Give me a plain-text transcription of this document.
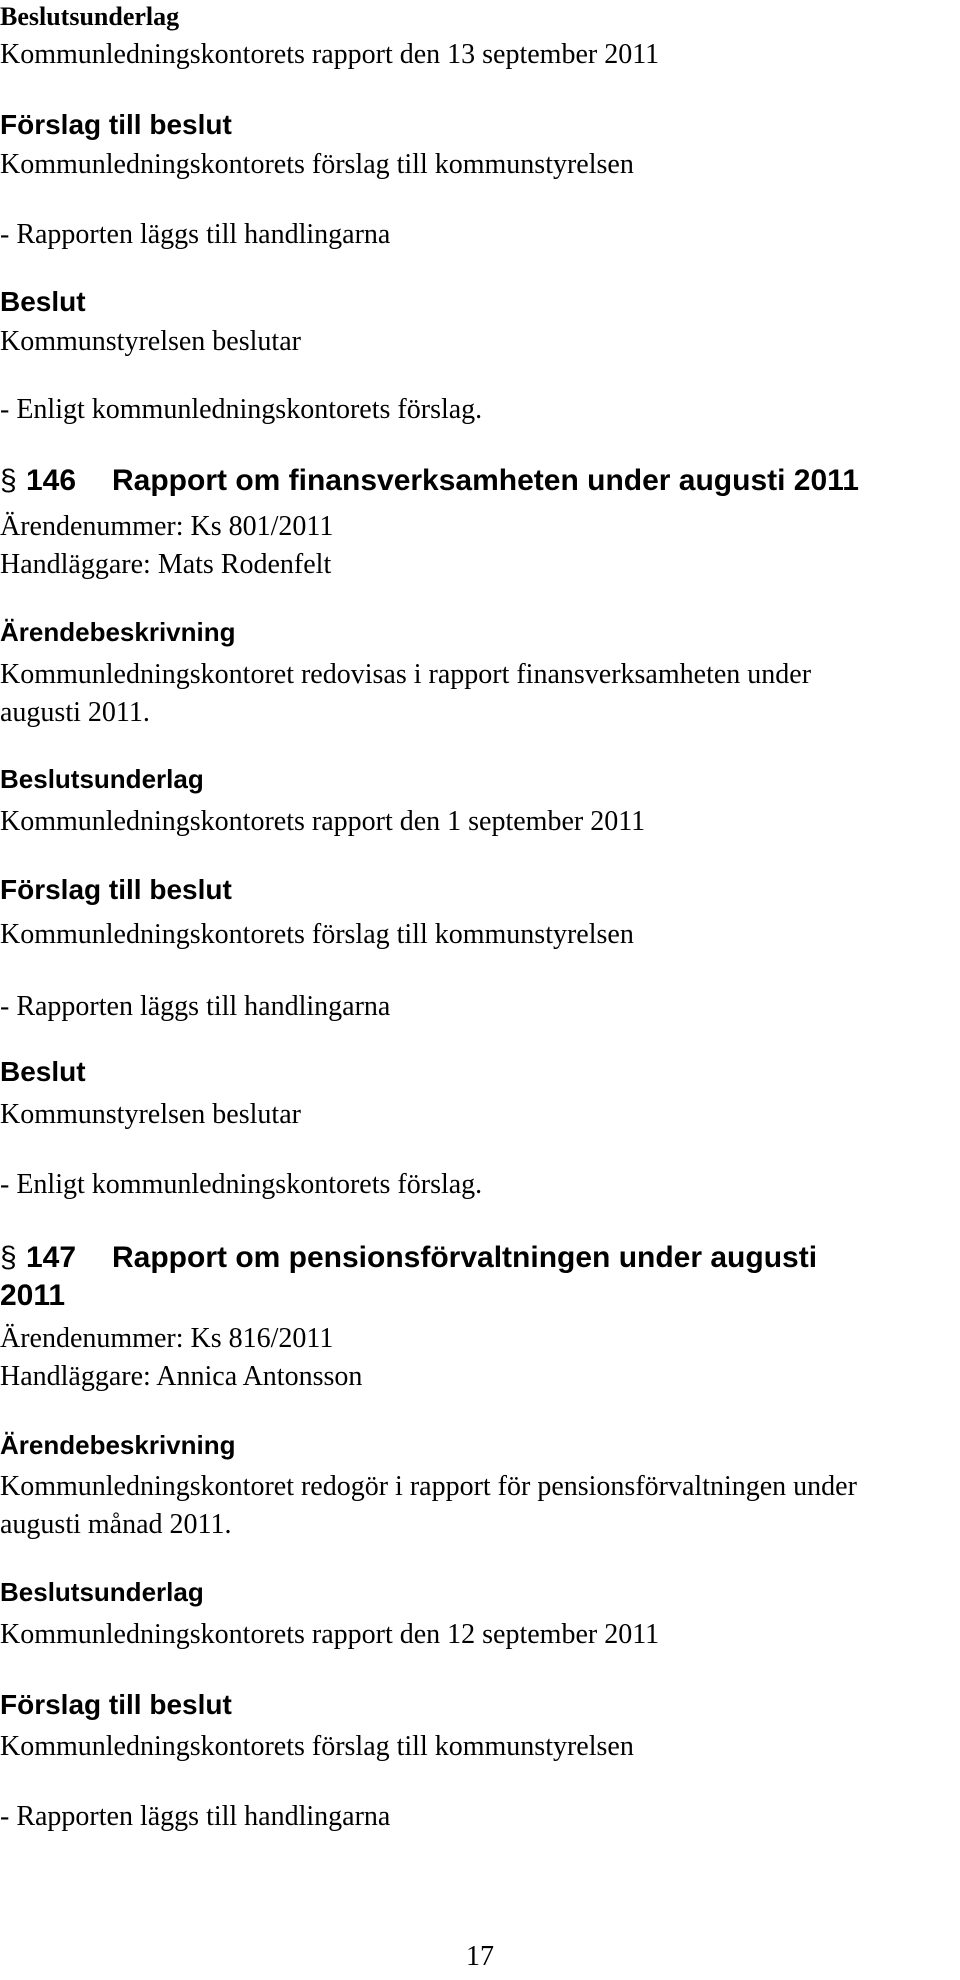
Beslutsunderlag

Kommunledningskontorets rapport den 13 september 2011

Förslag till beslut

Kommunledningskontorets förslag till kommunstyrelsen

- Rapporten läggs till handlingarna

Beslut

Kommunstyrelsen beslutar

- Enligt kommunledningskontorets förslag.

§ 146 Rapport om finansverksamheten under augusti 2011

Ärendenummer: Ks 801/2011

Handläggare: Mats Rodenfelt

Ärendebeskrivning

Kommunledningskontoret redovisas i rapport finansverksamheten under

augusti 2011.

Beslutsunderlag

Kommunledningskontorets rapport den 1 september 2011

Förslag till beslut

Kommunledningskontorets förslag till kommunstyrelsen

- Rapporten läggs till handlingarna

Beslut

Kommunstyrelsen beslutar

- Enligt kommunledningskontorets förslag.

§ 147 Rapport om pensionsförvaltningen under augusti

2011

Ärendenummer: Ks 816/2011

Handläggare: Annica Antonsson

Ärendebeskrivning

Kommunledningskontoret redogör i rapport för pensionsförvaltningen under

augusti månad 2011.

Beslutsunderlag

Kommunledningskontorets rapport den 12 september 2011

Förslag till beslut

Kommunledningskontorets förslag till kommunstyrelsen

- Rapporten läggs till handlingarna

17
